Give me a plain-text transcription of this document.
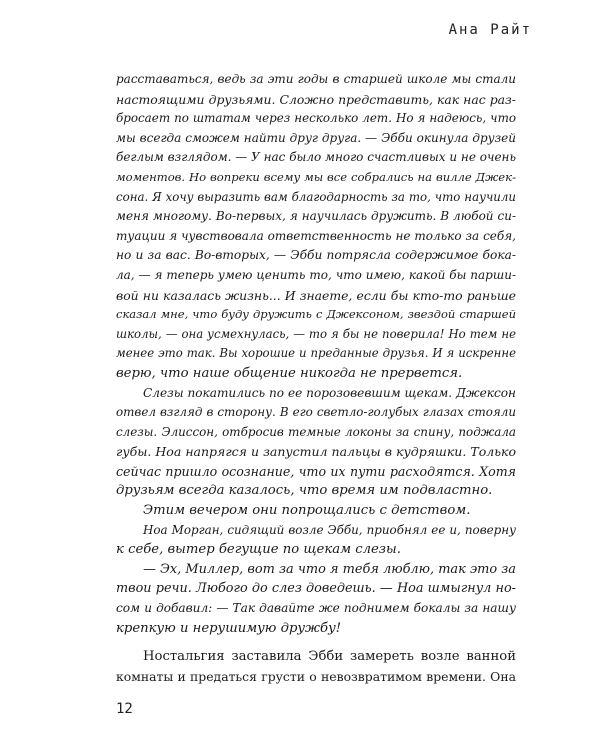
Ана Райт

расставаться, ведь за эти годы в старшей школе мы стали
настоящими друзьями. Сложно представить, как нас раз-
бросает по штатам через несколько лет. Но я надеюсь, что
мы всегда сможем найти друг друга. — Эбби окинула друзей
беглым взглядом. — У нас было много счастливых и не очень
моментов. Но вопреки всему мы все собрались на вилле Джек-
сона. Я хочу выразить вам благодарность за то, что научили
меня многому. Во-первых, я научилась дружить. В любой си-
туации я чувствовала ответственность не только за себя,
но и за вас. Во-вторых, — Эбби потрясла содержимое бока-
ла, — я теперь умею ценить то, что имею, какой бы парши-
вой ни казалась жизнь... И знаете, если бы кто-то раньше
сказал мне, что буду дружить с Джексоном, звездой старшей
школы, — она усмехнулась, — то я бы не поверила! Но тем не
менее это так. Вы хорошие и преданные друзья. И я искренне
верю, что наше общение никогда не прервется.

Слезы покатились по ее порозовевшим щекам. Джексон
отвел взгляд в сторону. В его светло-голубых глазах стояли
слезы. Элиссон, отбросив темные локоны за спину, поджала
губы. Ноа напрягся и запустил пальцы в кудряшки. Только
сейчас пришло осознание, что их пути расходятся. Хотя
друзьям всегда казалось, что время им подвластно.

Этим вечером они попрощались с детством.

Ноа Морган, сидящий возле Эбби, приобнял ее и, поверну
к себе, вытер бегущие по щекам слезы.

— Эх, Миллер, вот за что я тебя люблю, так это за
твои речи. Любого до слез доведешь. — Ноа шмыгнул но-
сом и добавил: — Так давайте же поднимем бокалы за нашу
крепкую и нерушимую дружбу!

Ностальгия заставила Эбби замереть возле ванной
комнаты и предаться грусти о невозвратимом времени. Она

12
